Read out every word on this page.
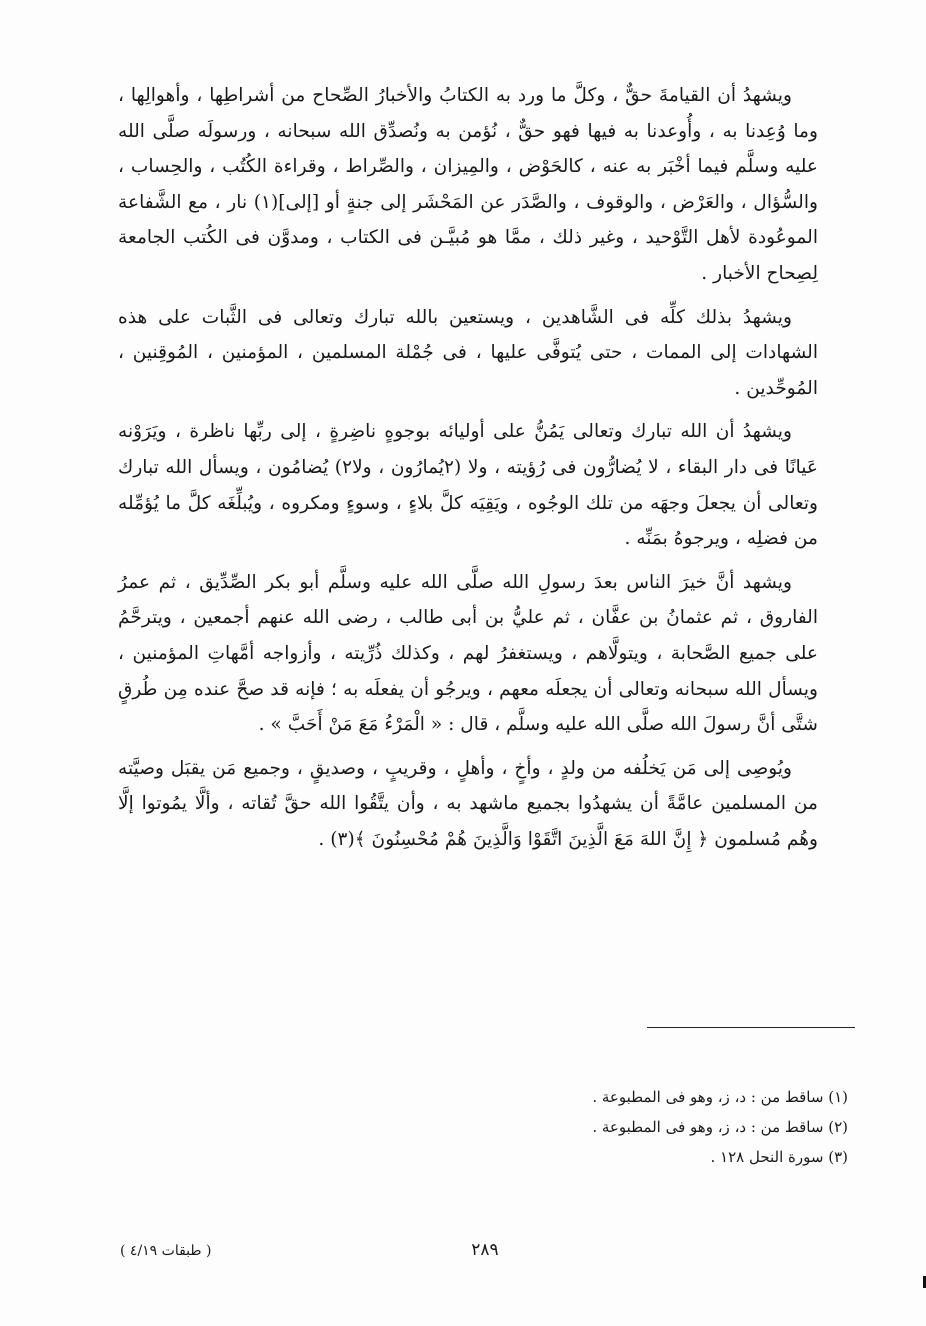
ويشهدُ أن القيامةَ حقٌّ ، وكلَّ ما ورد به الكتابُ والأخبارُ الصِّحاح من أشراطِها ، وأهوالِها ، وما وُعِدنا به ، وأُوعدنا به فيها فهو حقٌّ ، نُؤمن به ونُصدِّق الله سبحانه ، ورسولَه صلَّى الله عليه وسلَّم فيما أخْبَر به عنه ، كالحَوْض ، والمِيزان ، والصِّراط ، وقراءة الكُتُب ، والحِساب ، والسُّؤال ، والعَرْض ، والوقوف ، والصَّدَر عن المَحْشَر إلى جنةٍ أو [إلى](١) نار ، مع الشَّفاعة الموعُودة لأهل التَّوْحيد ، وغير ذلك ، ممَّا هو مُبيَّـن فى الكتاب ، ومدوَّن فى الكُتب الجامعة لِصِحاح الأخبار .

ويشهدُ بذلك كلِّه فى الشَّاهدين ، ويستعين بالله تبارك وتعالى فى الثَّبات على هذه الشهادات إلى الممات ، حتى يُتوفَّى عليها ، فى جُمْلة المسلمين ، المؤمنين ، المُوقِنين ، المُوحِّدين .

ويشهدُ أن الله تبارك وتعالى يَمُنُّ على أوليائه بوجوهٍ ناضِرةٍ ، إلى ربِّها ناظرة ، ويَرَوْنه عَيانًا فى دار البقاء ، لا يُضارُّون فى رُؤيته ، ولا (٢يُمارُون ، ولا٢) يُضامُون ، ويسأل الله تبارك وتعالى أن يجعلَ وجهَه من تلك الوجُوه ، ويَقِيَه كلَّ بلاءٍ ، وسوءٍ ومكروه ، ويُبلِّغَه كلَّ ما يُؤمِّله من فضلِه ، ويرجوهُ بمَنِّه .

ويشهد أنَّ خيرَ الناس بعدَ رسولِ الله صلَّى الله عليه وسلَّم أبو بكر الصِّدِّيق ، ثم عمرُ الفاروق ، ثم عثمانُ بن عفَّان ، ثم عليُّ بن أبى طالب ، رضى الله عنهم أجمعين ، ويترحَّمُ على جميع الصَّحابة ، ويتولَّاهم ، ويستغفرُ لهم ، وكذلك ذُرِّيته ، وأزواجه أمَّهاتِ المؤمنين ، ويسأل الله سبحانه وتعالى أن يجعلَه معهم ، ويرجُو أن يفعلَه به ؛ فإنه قد صحَّ عنده مِن طُرقٍ شتَّى أنَّ رسولَ الله صلَّى الله عليه وسلَّم ، قال : « الْمَرْءُ مَعَ مَنْ أَحَبَّ » .

ويُوصِى إلى مَن يَخلُفه من ولدٍ ، وأخٍ ، وأهلٍ ، وقريبٍ ، وصديقٍ ، وجميع مَن يقبَل وصيَّته من المسلمين عامَّةً أن يشهدُوا بجميع ماشهد به ، وأن يتَّقُوا الله حقَّ تُقاته ، وألَّا يمُوتوا إلَّا وهُم مُسلمون ﴿ إِنَّ اللهَ مَعَ الَّذِينَ اتَّقَوْا وَالَّذِينَ هُمْ مُحْسِنُونَ ﴾(٣) .

(١) ساقط من : د، ز، وهو فى المطبوعة .

(٢) ساقط من : د، ز، وهو فى المطبوعة .

(٣) سورة النحل ١٢٨ .

٢٨٩
( طبقات ٤/١٩ )
